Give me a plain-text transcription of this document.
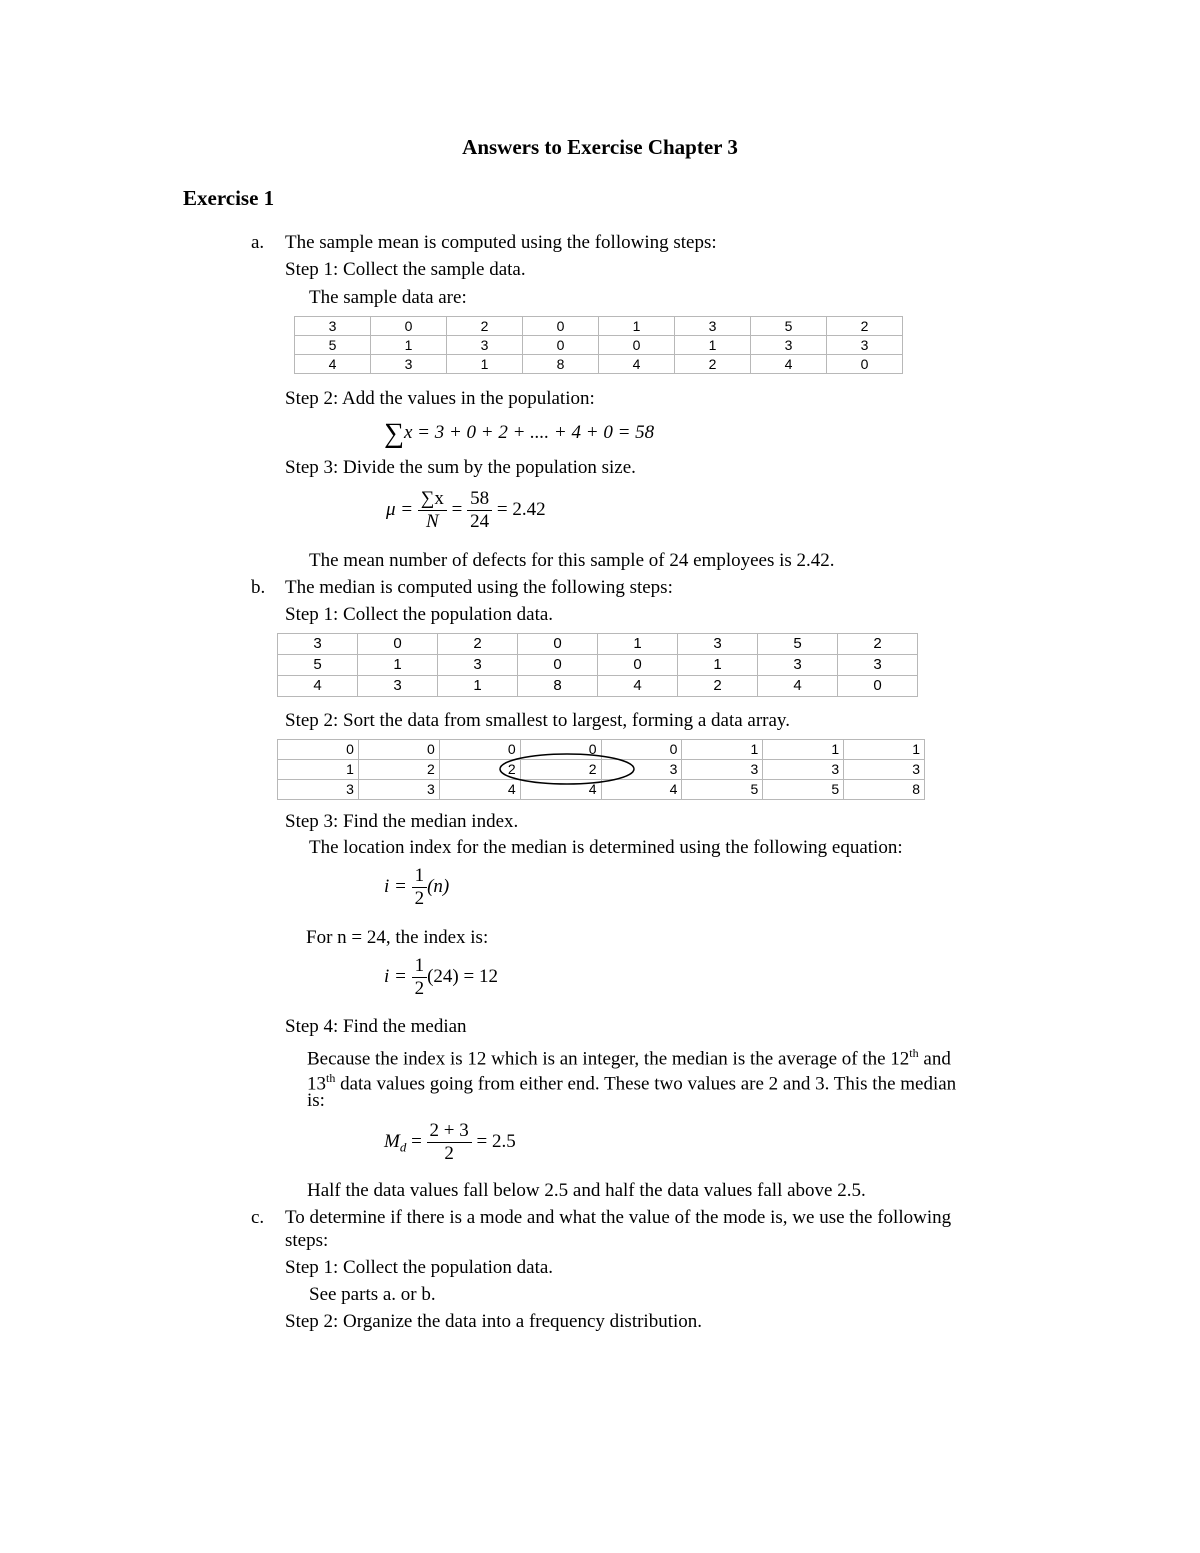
Answers to Exercise Chapter 3
Exercise 1
a. The sample mean is computed using the following steps:
Step 1: Collect the sample data.
The sample data are:
3	0	2	0	1	3	5	2
5	1	3	0	0	1	3	3
4	3	1	8	4	2	4	0
Step 2: Add the values in the population:
∑x = 3 + 0 + 2 + .... + 4 + 0 = 58
Step 3: Divide the sum by the population size.
$\mu = \frac{\sum x}{N} = \frac{58}{24} = 2.42$
The mean number of defects for this sample of 24 employees is 2.42.
b. The median is computed using the following steps:
Step 1: Collect the population data.
3	0	2	0	1	3	5	2
5	1	3	0	0	1	3	3
4	3	1	8	4	2	4	0
Step 2: Sort the data from smallest to largest, forming a data array.
0	0	0	0	0	1	1	1
1	2	2	2	3	3	3	3
3	3	4	4	4	5	5	8
Step 3: Find the median index.
The location index for the median is determined using the following equation:
$i = \frac{1}{2} (n)$
For n = 24, the index is:
$i = \frac{1}{2} (24) = 12$
Step 4: Find the median
Because the index is 12 which is an integer, the median is the average of the 12th and
13th data values going from either end. These two values are 2 and 3. This the median
is:
$M_d = \frac{2 + 3}{2} = 2.5$
Half the data values fall below 2.5 and half the data values fall above 2.5.
c. To determine if there is a mode and what the value of the mode is, we use the following
steps:
Step 1: Collect the population data.
See parts a. or b.
Step 2: Organize the data into a frequency distribution.
